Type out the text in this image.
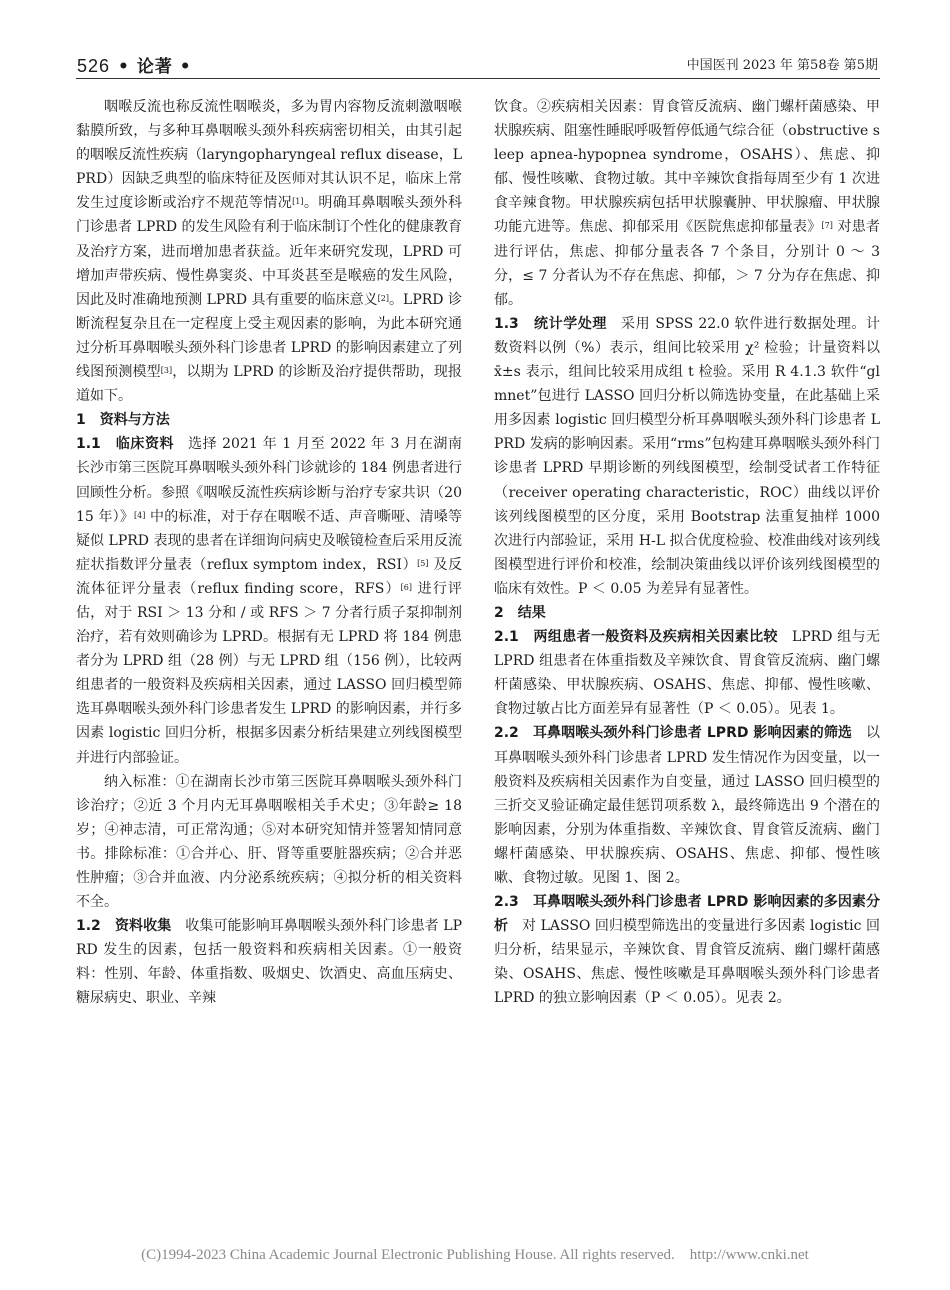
526 • 论著 •	中国医刊 2023 年 第58卷 第5期

咽喉反流也称反流性咽喉炎，多为胃内容物反流刺激咽喉黏膜所致，与多种耳鼻咽喉头颈外科疾病密切相关，由其引起的咽喉反流性疾病（laryngopharyngeal reflux disease，LPRD）因缺乏典型的临床特征及医师对其认识不足，临床上常发生过度诊断或治疗不规范等情况[1]。明确耳鼻咽喉头颈外科门诊患者 LPRD 的发生风险有利于临床制订个性化的健康教育及治疗方案，进而增加患者获益。近年来研究发现，LPRD 可增加声带疾病、慢性鼻窦炎、中耳炎甚至是喉癌的发生风险，因此及时准确地预测 LPRD 具有重要的临床意义[2]。LPRD 诊断流程复杂且在一定程度上受主观因素的影响，为此本研究通过分析耳鼻咽喉头颈外科门诊患者 LPRD 的影响因素建立了列线图预测模型[3]，以期为 LPRD 的诊断及治疗提供帮助，现报道如下。

1　资料与方法

1.1　临床资料 选择 2021 年 1 月至 2022 年 3 月在湖南长沙市第三医院耳鼻咽喉头颈外科门诊就诊的 184 例患者进行回顾性分析。参照《咽喉反流性疾病诊断与治疗专家共识（2015 年）》[4] 中的标准，对于存在咽喉不适、声音嘶哑、清嗓等疑似 LPRD 表现的患者在详细询问病史及喉镜检查后采用反流症状指数评分量表（reflux symptom index，RSI）[5] 及反流体征评分量表（reflux finding score，RFS）[6] 进行评估，对于 RSI ＞ 13 分和 / 或 RFS ＞ 7 分者行质子泵抑制剂治疗，若有效则确诊为 LPRD。根据有无 LPRD 将 184 例患者分为 LPRD 组（28 例）与无 LPRD 组（156 例），比较两组患者的一般资料及疾病相关因素，通过 LASSO 回归模型筛选耳鼻咽喉头颈外科门诊患者发生 LPRD 的影响因素，并行多因素 logistic 回归分析，根据多因素分析结果建立列线图模型并进行内部验证。

纳入标准：①在湖南长沙市第三医院耳鼻咽喉头颈外科门诊治疗；②近 3 个月内无耳鼻咽喉相关手术史；③年龄≥ 18 岁；④神志清，可正常沟通；⑤对本研究知情并签署知情同意书。排除标准：①合并心、肝、肾等重要脏器疾病；②合并恶性肿瘤；③合并血液、内分泌系统疾病；④拟分析的相关资料不全。

1.2　资料收集 收集可能影响耳鼻咽喉头颈外科门诊患者 LPRD 发生的因素，包括一般资料和疾病相关因素。①一般资料：性别、年龄、体重指数、吸烟史、饮酒史、高血压病史、糖尿病史、职业、辛辣

饮食。②疾病相关因素：胃食管反流病、幽门螺杆菌感染、甲状腺疾病、阻塞性睡眠呼吸暂停低通气综合征（obstructive sleep apnea-hypopnea syndrome，OSAHS）、焦虑、抑郁、慢性咳嗽、食物过敏。其中辛辣饮食指每周至少有 1 次进食辛辣食物。甲状腺疾病包括甲状腺囊肿、甲状腺瘤、甲状腺功能亢进等。焦虑、抑郁采用《医院焦虑抑郁量表》[7] 对患者进行评估，焦虑、抑郁分量表各 7 个条目，分别计 0 ～ 3 分，≤ 7 分者认为不存在焦虑、抑郁，＞ 7 分为存在焦虑、抑郁。

1.3　统计学处理 采用 SPSS 22.0 软件进行数据处理。计数资料以例（%）表示，组间比较采用 χ² 检验；计量资料以 x̄±s 表示，组间比较采用成组 t 检验。采用 R 4.1.3 软件“glmnet”包进行 LASSO 回归分析以筛选协变量，在此基础上采用多因素 logistic 回归模型分析耳鼻咽喉头颈外科门诊患者 LPRD 发病的影响因素。采用“rms”包构建耳鼻咽喉头颈外科门诊患者 LPRD 早期诊断的列线图模型，绘制受试者工作特征（receiver operating characteristic，ROC）曲线以评价该列线图模型的区分度，采用 Bootstrap 法重复抽样 1000 次进行内部验证，采用 H-L 拟合优度检验、校准曲线对该列线图模型进行评价和校准，绘制决策曲线以评价该列线图模型的临床有效性。P ＜ 0.05 为差异有显著性。

2　结果

2.1　两组患者一般资料及疾病相关因素比较 LPRD 组与无 LPRD 组患者在体重指数及辛辣饮食、胃食管反流病、幽门螺杆菌感染、甲状腺疾病、OSAHS、焦虑、抑郁、慢性咳嗽、食物过敏占比方面差异有显著性（P ＜ 0.05）。见表 1。

2.2　耳鼻咽喉头颈外科门诊患者 LPRD 影响因素的筛选 以耳鼻咽喉头颈外科门诊患者 LPRD 发生情况作为因变量，以一般资料及疾病相关因素作为自变量，通过 LASSO 回归模型的三折交叉验证确定最佳惩罚项系数 λ，最终筛选出 9 个潜在的影响因素，分别为体重指数、辛辣饮食、胃食管反流病、幽门螺杆菌感染、甲状腺疾病、OSAHS、焦虑、抑郁、慢性咳嗽、食物过敏。见图 1、图 2。

2.3　耳鼻咽喉头颈外科门诊患者 LPRD 影响因素的多因素分析 对 LASSO 回归模型筛选出的变量进行多因素 logistic 回归分析，结果显示，辛辣饮食、胃食管反流病、幽门螺杆菌感染、OSAHS、焦虑、慢性咳嗽是耳鼻咽喉头颈外科门诊患者 LPRD 的独立影响因素（P ＜ 0.05）。见表 2。

(C)1994-2023 China Academic Journal Electronic Publishing House. All rights reserved.　http://www.cnki.net
